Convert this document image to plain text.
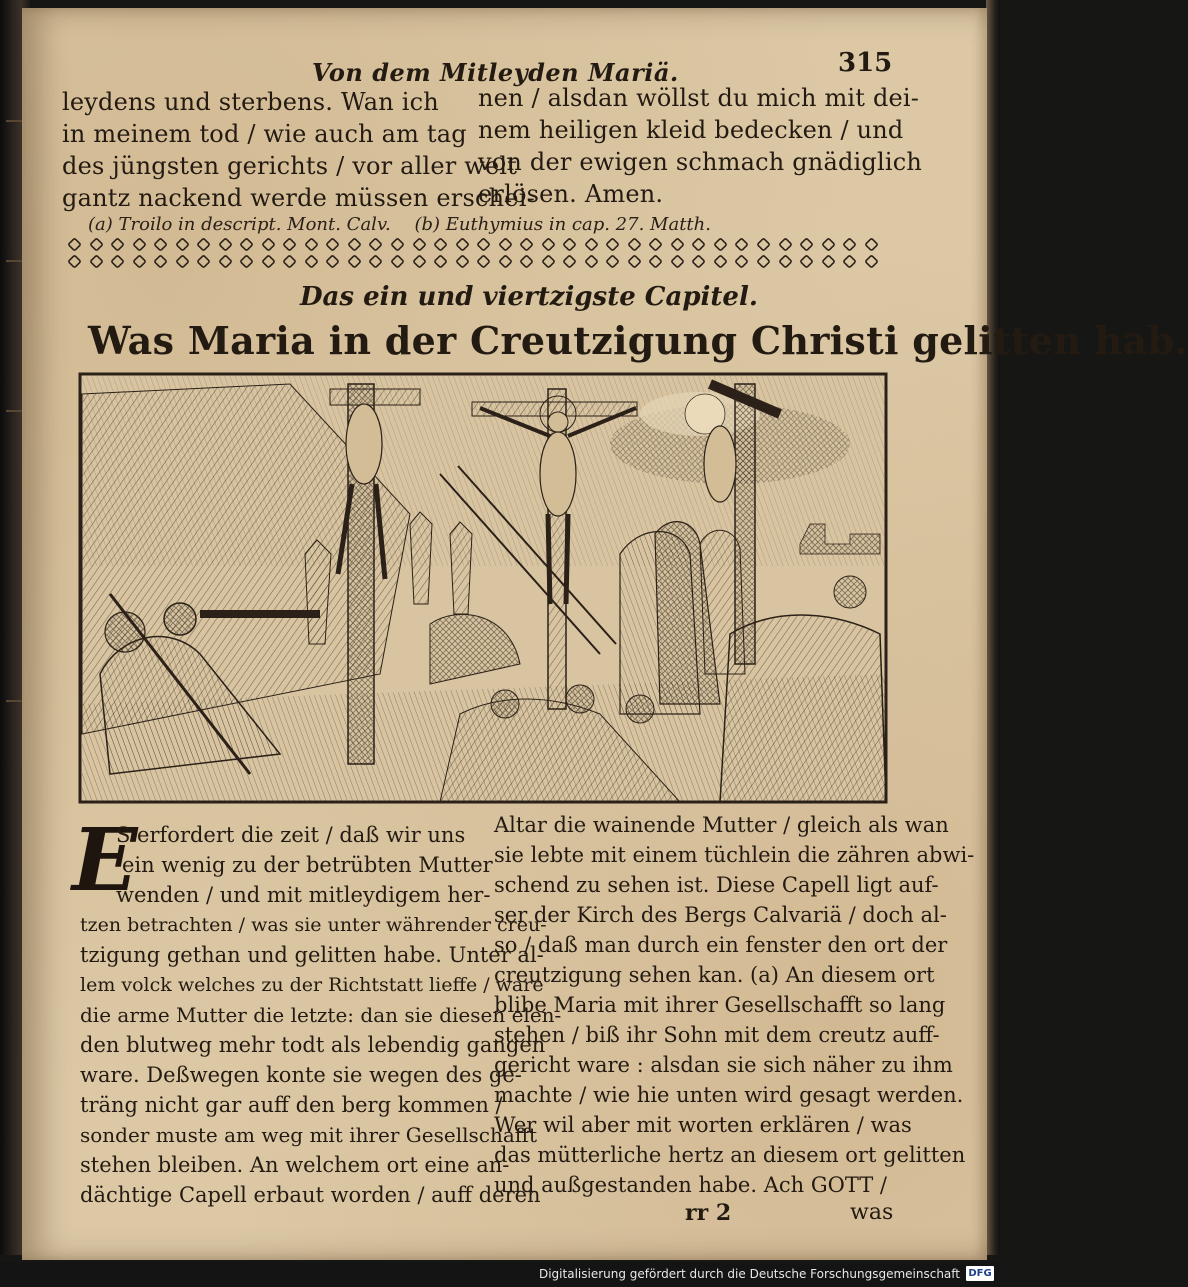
Von dem Mitleyden Mariä.	315
leydens und sterbens. Wan ich
in meinem tod / wie auch am tag
des jüngsten gerichts / vor aller welt
gantz nackend werde müssen erschei-
nen / alsdan wöllst du mich mit dei-
nem heiligen kleid bedecken / und
von der ewigen schmach gnädiglich
erlösen. Amen.
(a) Troilo in descript. Mont. Calv. (b) Euthymius in cap. 27. Matth.
Das ein und viertzigste Capitel.
Was Maria in der Creutzigung Christi gelitten hab.
E
S erfordert die zeit / daß wir uns
ein wenig zu der betrübten Mutter
wenden / und mit mitleydigem her-
tzen betrachten / was sie unter währender creu-
tzigung gethan und gelitten habe. Unter al-
lem volck welches zu der Richtstatt lieffe / ware
die arme Mutter die letzte: dan sie diesen elen-
den blutweg mehr todt als lebendig gangen
ware. Deßwegen konte sie wegen des ge-
träng nicht gar auff den berg kommen /
sonder muste am weg mit ihrer Gesellschafft
stehen bleiben. An welchem ort eine an-
dächtige Capell erbaut worden / auff deren
Altar die wainende Mutter / gleich als wan
sie lebte mit einem tüchlein die zähren abwi-
schend zu sehen ist. Diese Capell ligt auf-
ser der Kirch des Bergs Calvariä / doch al-
so / daß man durch ein fenster den ort der
creutzigung sehen kan. (a) An diesem ort
blibe Maria mit ihrer Gesellschafft so lang
stehen / biß ihr Sohn mit dem creutz auff-
gericht ware : alsdan sie sich näher zu ihm
machte / wie hie unten wird gesagt werden.
Wer wil aber mit worten erklären / was
das mütterliche hertz an diesem ort gelitten
und außgestanden habe. Ach GOTT /
rr 2	was
Digitalisierung gefördert durch die Deutsche Forschungsgemeinschaft DFG
